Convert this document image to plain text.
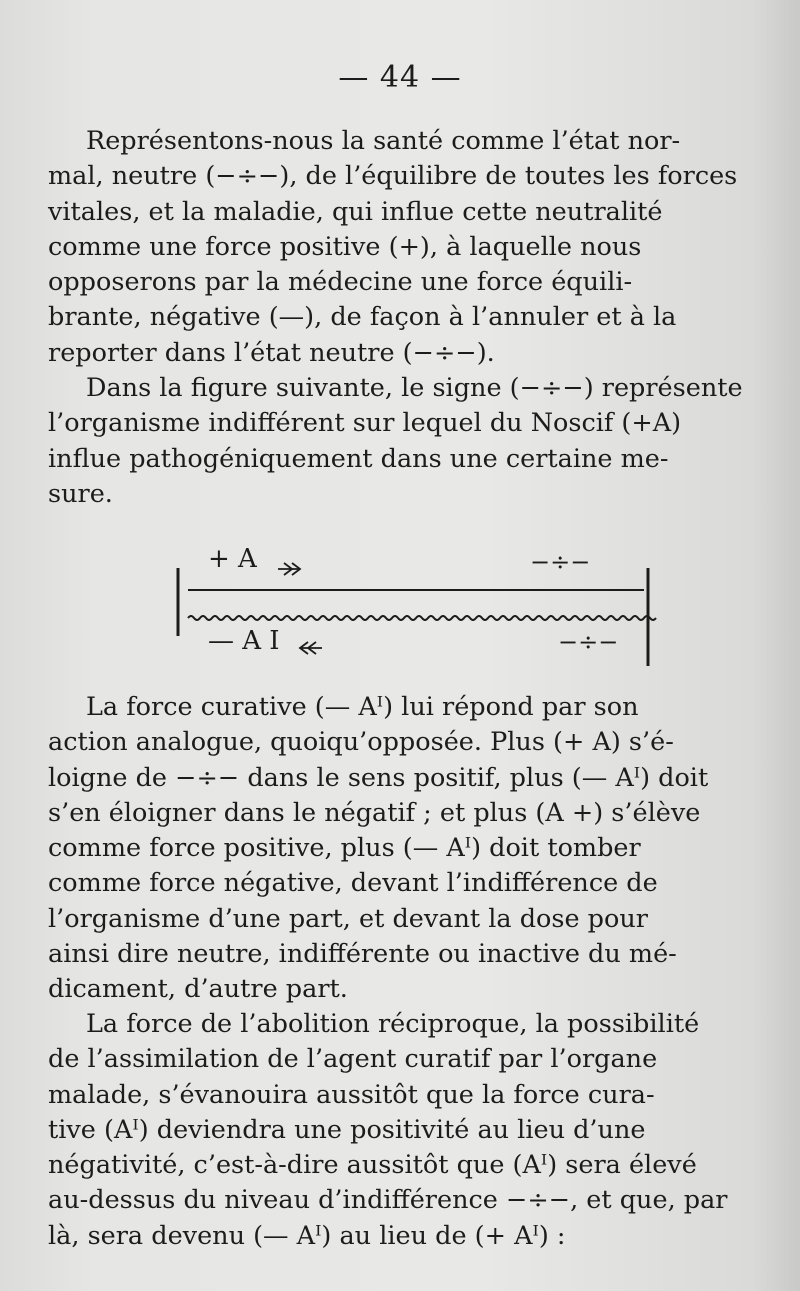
— 44 —
Représentons-nous la santé comme l’état nor-
mal, neutre (−÷−), de l’équilibre de toutes les forces
vitales, et la maladie, qui influe cette neutralité
comme une force positive (+), à laquelle nous
opposerons par la médecine une force équili-
brante, négative (—), de façon à l’annuler et à la
reporter dans l’état neutre (−÷−).
Dans la figure suivante, le signe (−÷−) représente
l’organisme indifférent sur lequel du Noscif (+A)
influe pathogéniquement dans une certaine me-
sure.
+ A
— A I
−÷−
−÷−
La force curative (— Aᴵ) lui répond par son
action analogue, quoiqu’opposée. Plus (+ A) s’é-
loigne de −÷− dans le sens positif, plus (— Aᴵ) doit
s’en éloigner dans le négatif ; et plus (A +) s’élève
comme force positive, plus (— Aᴵ) doit tomber
comme force négative, devant l’indifférence de
l’organisme d’une part, et devant la dose pour
ainsi dire neutre, indifférente ou inactive du mé-
dicament, d’autre part.
La force de l’abolition réciproque, la possibilité
de l’assimilation de l’agent curatif par l’organe
malade, s’évanouira aussitôt que la force cura-
tive (Aᴵ) deviendra une positivité au lieu d’une
négativité, c’est-à-dire aussitôt que (Aᴵ) sera élevé
au-dessus du niveau d’indifférence −÷−, et que, par
là, sera devenu (— Aᴵ) au lieu de (+ Aᴵ) :
